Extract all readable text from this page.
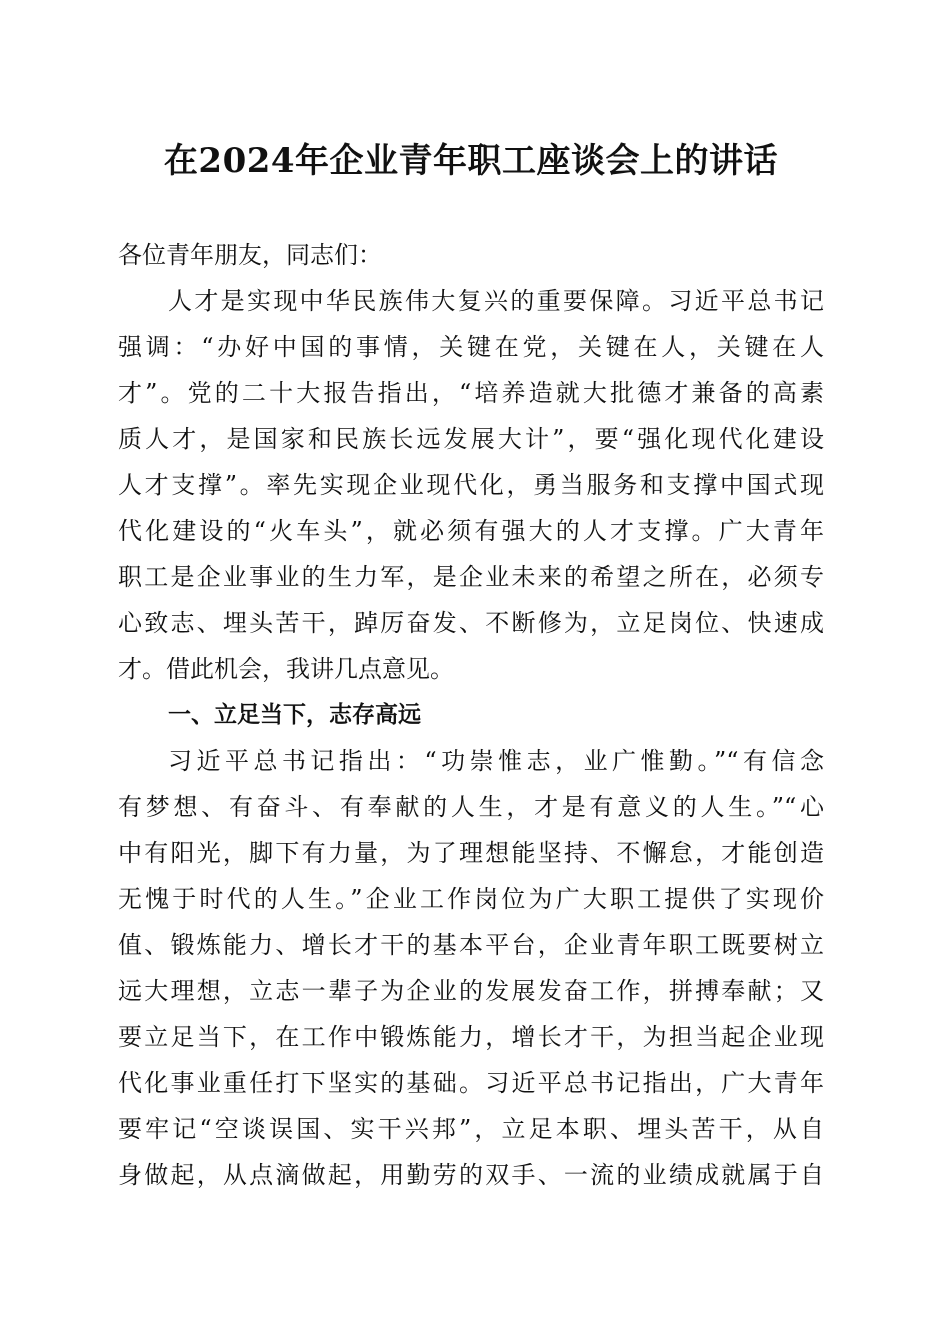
在2024年企业青年职工座谈会上的讲话
各位青年朋友，同志们：
人才是实现中华民族伟大复兴的重要保障。习近平总书记
强调：“办好中国的事情，关键在党，关键在人，关键在人
才”。党的二十大报告指出，“培养造就大批德才兼备的高素
质人才，是国家和民族长远发展大计”，要“强化现代化建设
人才支撑”。率先实现企业现代化，勇当服务和支撑中国式现
代化建设的“火车头”，就必须有强大的人才支撑。广大青年
职工是企业事业的生力军，是企业未来的希望之所在，必须专
心致志、埋头苦干，踔厉奋发、不断修为，立足岗位、快速成
才。借此机会，我讲几点意见。
一、立足当下，志存高远
习近平总书记指出：“功崇惟志，业广惟勤。”“有信念
有梦想、有奋斗、有奉献的人生，才是有意义的人生。”“心
中有阳光，脚下有力量，为了理想能坚持、不懈怠，才能创造
无愧于时代的人生。”企业工作岗位为广大职工提供了实现价
值、锻炼能力、增长才干的基本平台，企业青年职工既要树立
远大理想，立志一辈子为企业的发展发奋工作，拼搏奉献；又
要立足当下，在工作中锻炼能力，增长才干，为担当起企业现
代化事业重任打下坚实的基础。习近平总书记指出，广大青年
要牢记“空谈误国、实干兴邦”，立足本职、埋头苦干，从自
身做起，从点滴做起，用勤劳的双手、一流的业绩成就属于自
